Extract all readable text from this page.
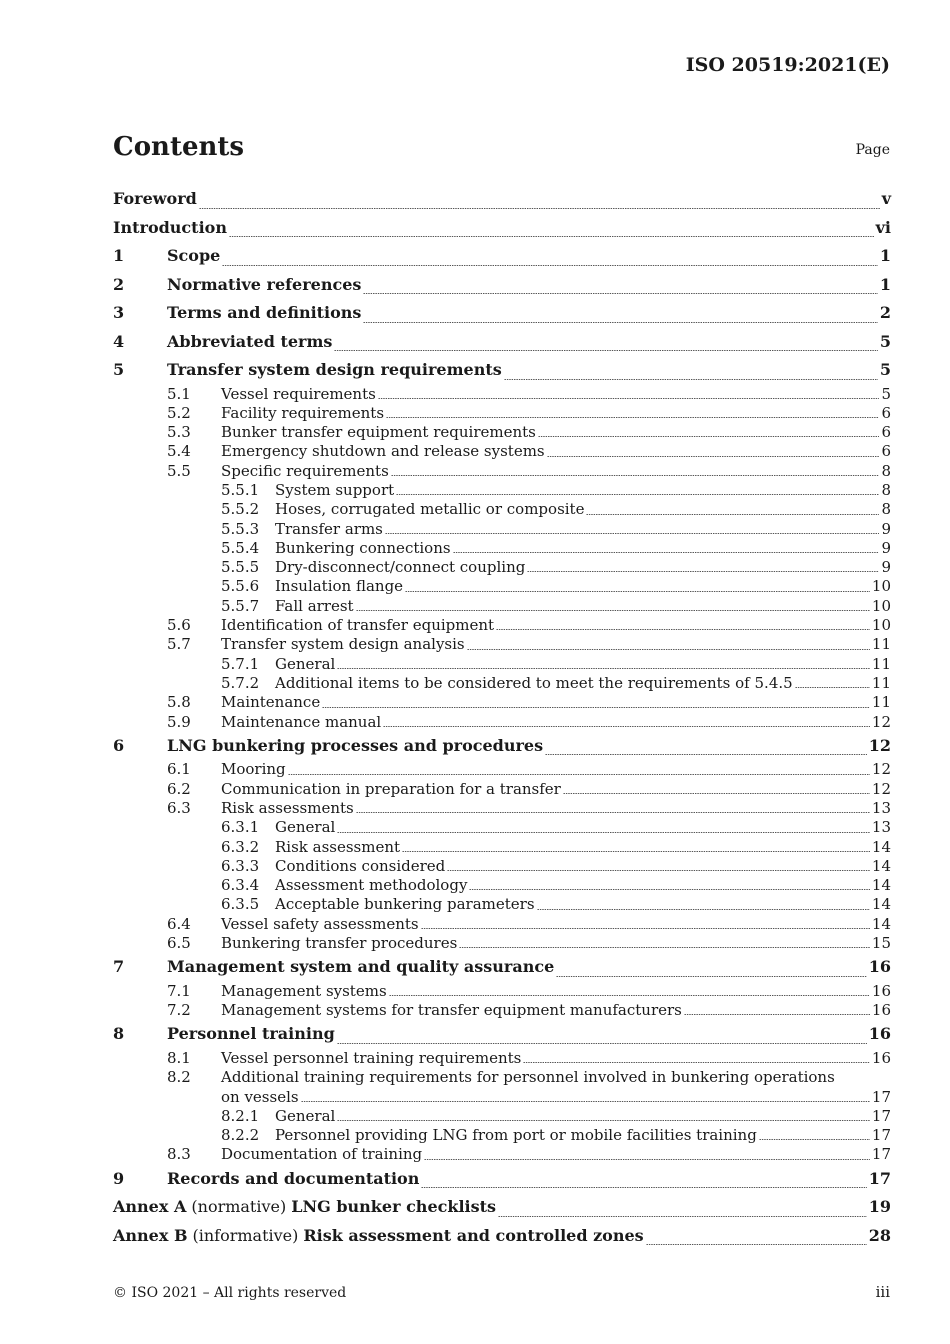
ISO 20519:2021(E)
Contents	Page
Foreword	v
Introduction	vi
1	Scope	1
2	Normative references	1
3	Terms and definitions	2
4	Abbreviated terms	5
5	Transfer system design requirements	5
5.1	Vessel requirements	5
5.2	Facility requirements	6
5.3	Bunker transfer equipment requirements	6
5.4	Emergency shutdown and release systems	6
5.5	Specific requirements	8
5.5.1	System support	8
5.5.2	Hoses, corrugated metallic or composite	8
5.5.3	Transfer arms	9
5.5.4	Bunkering connections	9
5.5.5	Dry-disconnect/connect coupling	9
5.5.6	Insulation flange	10
5.5.7	Fall arrest	10
5.6	Identification of transfer equipment	10
5.7	Transfer system design analysis	11
5.7.1	General	11
5.7.2	Additional items to be considered to meet the requirements of 5.4.5	11
5.8	Maintenance	11
5.9	Maintenance manual	12
6	LNG bunkering processes and procedures	12
6.1	Mooring	12
6.2	Communication in preparation for a transfer	12
6.3	Risk assessments	13
6.3.1	General	13
6.3.2	Risk assessment	14
6.3.3	Conditions considered	14
6.3.4	Assessment methodology	14
6.3.5	Acceptable bunkering parameters	14
6.4	Vessel safety assessments	14
6.5	Bunkering transfer procedures	15
7	Management system and quality assurance	16
7.1	Management systems	16
7.2	Management systems for transfer equipment manufacturers	16
8	Personnel training	16
8.1	Vessel personnel training requirements	16
8.2 Additional training requirements for personnel involved in bunkering operations
on vessels	17
8.2.1	General	17
8.2.2	Personnel providing LNG from port or mobile facilities training	17
8.3	Documentation of training	17
9	Records and documentation	17
Annex A (normative) LNG bunker checklists	19
Annex B (informative) Risk assessment and controlled zones	28
© ISO 2021 – All rights reserved	iii
